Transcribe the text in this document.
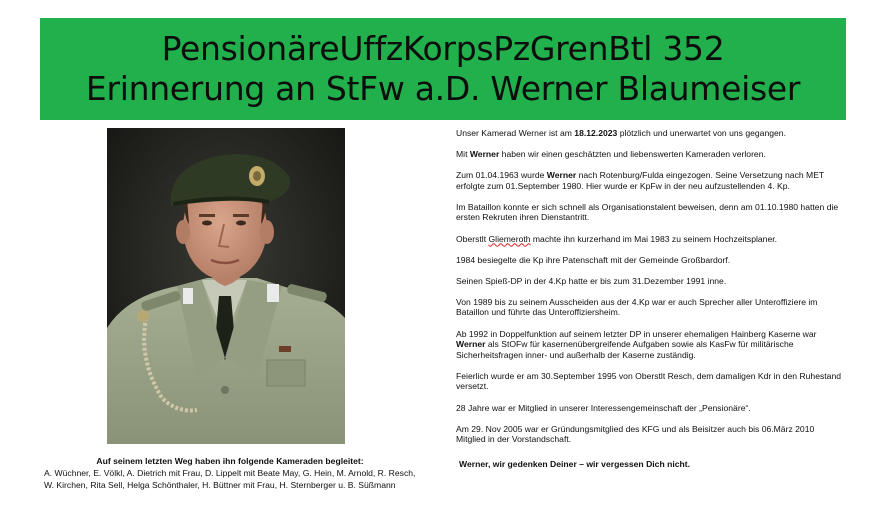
PensionäreUffzKorpsPzGrenBtl 352
Erinnerung an StFw a.D. Werner Blaumeiser
Auf seinem letzten Weg haben ihn folgende Kameraden begleitet:
A. Wüchner, E. Völkl, A. Dietrich mit Frau, D. Lippelt mit Beate May, G. Hein, M. Arnold, R. Resch, W. Kirchen, Rita Sell, Helga Schönthaler, H. Büttner mit Frau, H. Sternberger u. B. Süßmann

Unser Kamerad Werner ist am 18.12.2023 plötzlich und unerwartet von uns gegangen.

Mit Werner haben wir einen geschätzten und liebenswerten Kameraden verloren.

Zum 01.04.1963 wurde Werner nach Rotenburg/Fulda eingezogen. Seine Versetzung nach MET erfolgte zum 01.September 1980. Hier wurde er KpFw in der neu aufzustellenden 4. Kp.

Im Bataillon konnte er sich schnell als Organisationstalent beweisen, denn am 01.10.1980 hatten die ersten Rekruten ihren Dienstantritt.

Oberstlt Gliemeroth machte ihn kurzerhand im Mai 1983 zu seinem Hochzeitsplaner.

1984 besiegelte die Kp ihre Patenschaft mit der Gemeinde Großbardorf.

Seinen Spieß-DP in der 4.Kp hatte er bis zum 31.Dezember 1991 inne.

Von 1989 bis zu seinem Ausscheiden aus der 4.Kp war er auch Sprecher aller Unteroffiziere im Bataillon und führte das Unteroffiziersheim.

Ab 1992 in Doppelfunktion auf seinem letzter DP in unserer ehemaligen Hainberg Kaserne war Werner als StOFw für kasernenübergreifende Aufgaben sowie als KasFw für militärische Sicherheitsfragen inner- und außerhalb der Kaserne zuständig.

Feierlich wurde er am 30.September 1995 von Oberstlt Resch, dem damaligen Kdr in den Ruhestand versetzt.

28 Jahre war er Mitglied in unserer Interessengemeinschaft der „Pensionäre“.

Am 29. Nov 2005 war er Gründungsmitglied des KFG und als Beisitzer auch bis 06.März 2010 Mitglied in der Vorstandschaft.

Werner, wir gedenken Deiner – wir vergessen Dich nicht.
